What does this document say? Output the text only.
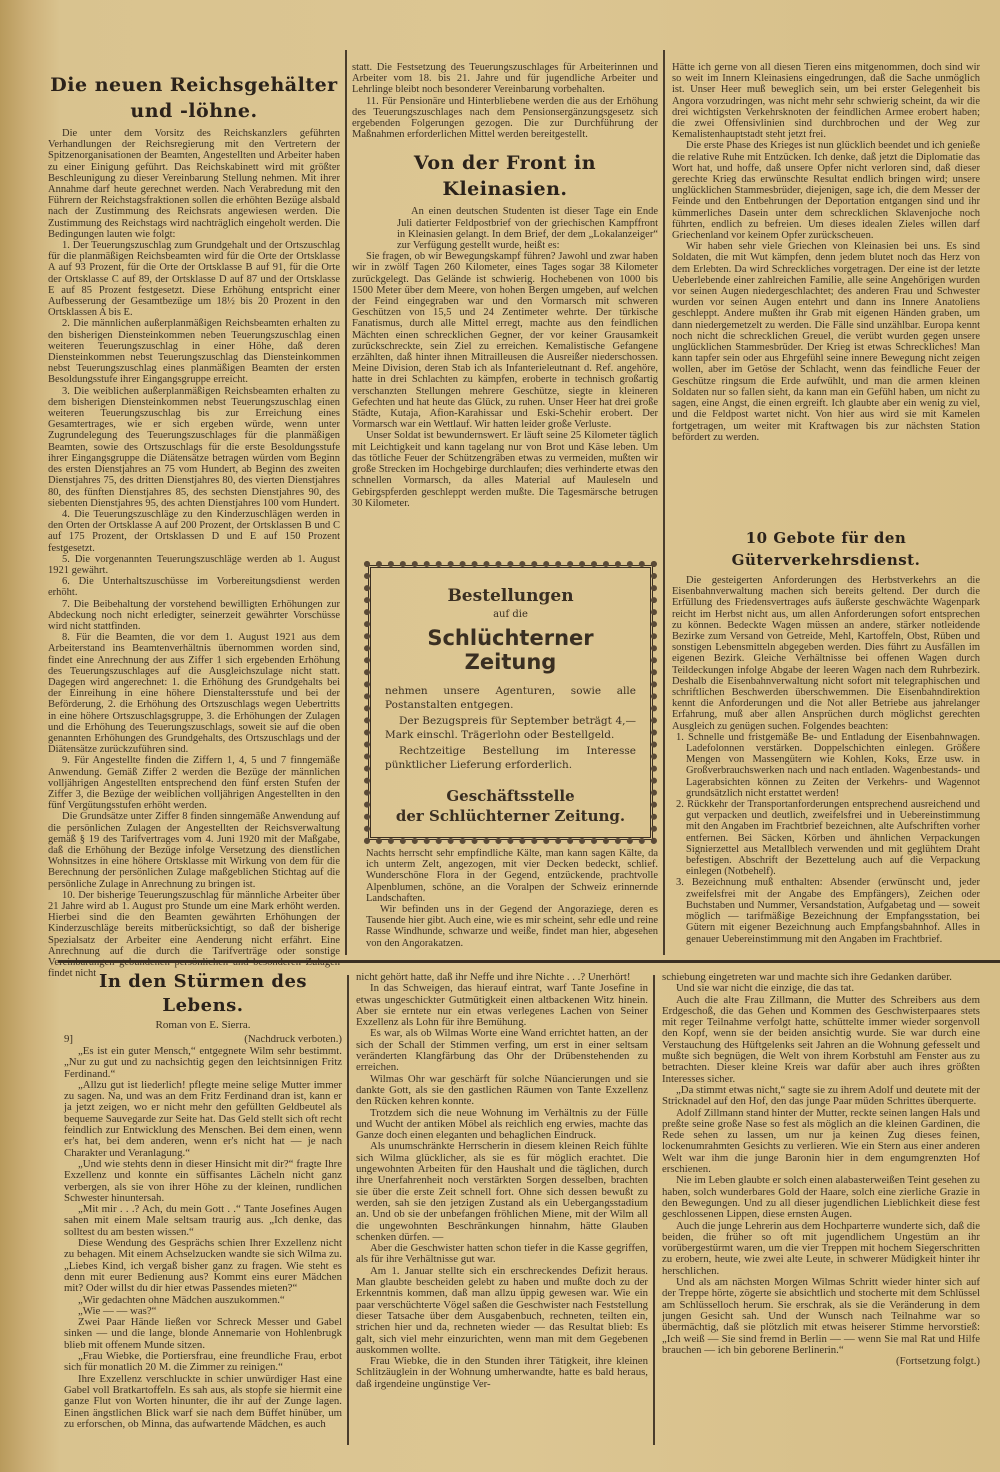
Die neuen Reichsgehälter und -löhne.

Die unter dem Vorsitz des Reichskanzlers geführten Verhandlungen der Reichsregierung mit den Vertretern der Spitzenorganisationen der Beamten, Angestellten und Arbeiter haben zu einer Einigung geführt. Das Reichskabinett wird mit größter Beschleunigung zu dieser Vereinbarung Stellung nehmen. Mit ihrer Annahme darf heute gerechnet werden. Nach Verabredung mit den Führern der Reichstagsfraktionen sollen die erhöhten Bezüge alsbald nach der Zustimmung des Reichsrats angewiesen werden. Die Zustimmung des Reichstags wird nachträglich eingeholt werden. Die Bedingungen lauten wie folgt:

1. Der Teuerungszuschlag zum Grundgehalt und der Ortszuschlag für die planmäßigen Reichsbeamten wird für die Orte der Ortsklasse A auf 93 Prozent, für die Orte der Ortsklasse B auf 91, für die Orte der Ortsklasse C auf 89, der Ortsklasse D auf 87 und der Ortsklasse E auf 85 Prozent festgesetzt. Diese Erhöhung entspricht einer Aufbesserung der Gesamtbezüge um 18½ bis 20 Prozent in den Ortsklassen A bis E.

2. Die männlichen außerplanmäßigen Reichsbeamten erhalten zu den bisherigen Diensteinkommen neben Teuerungszuschlag einen weiteren Teuerungszuschlag in einer Höhe, daß deren Diensteinkommen nebst Teuerungszuschlag das Diensteinkommen nebst Teuerungszuschlag eines planmäßigen Beamten der ersten Besoldungsstufe ihrer Eingangsgruppe erreicht.

3. Die weiblichen außerplanmäßigen Reichsbeamten erhalten zu dem bisherigen Diensteinkommen nebst Teuerungszuschlag einen weiteren Teuerungszuschlag bis zur Erreichung eines Gesamtertrages, wie er sich ergeben würde, wenn unter Zugrundelegung des Teuerungszuschlages für die planmäßigen Beamten, sowie des Ortszuschlags für die erste Besoldungsstufe ihrer Eingangsgruppe die Diätensätze betragen würden vom Beginn des ersten Dienstjahres an 75 vom Hundert, ab Beginn des zweiten Dienstjahres 75, des dritten Dienstjahres 80, des vierten Dienstjahres 80, des fünften Dienstjahres 85, des sechsten Dienstjahres 90, des siebenten Dienstjahres 95, des achten Dienstjahres 100 vom Hundert.

4. Die Teuerungszuschläge zu den Kinderzuschlägen werden in den Orten der Ortsklasse A auf 200 Prozent, der Ortsklassen B und C auf 175 Prozent, der Ortsklassen D und E auf 150 Prozent festgesetzt.

5. Die vorgenannten Teuerungszuschläge werden ab 1. August 1921 gewährt.

6. Die Unterhaltszuschüsse im Vorbereitungsdienst werden erhöht.

7. Die Beibehaltung der vorstehend bewilligten Erhöhungen zur Abdeckung noch nicht erledigter, seinerzeit gewährter Vorschüsse wird nicht stattfinden.

8. Für die Beamten, die vor dem 1. August 1921 aus dem Arbeiterstand ins Beamtenverhältnis übernommen worden sind, findet eine Anrechnung der aus Ziffer 1 sich ergebenden Erhöhung des Teuerungszuschlages auf die Ausgleichszulage nicht statt. Dagegen wird angerechnet: 1. die Erhöhung des Grundgehalts bei der Einreihung in eine höhere Dienstaltersstufe und bei der Beförderung, 2. die Erhöhung des Ortszuschlags wegen Uebertritts in eine höhere Ortszuschlagsgruppe, 3. die Erhöhungen der Zulagen und die Erhöhung des Teuerungszuschlags, soweit sie auf die oben genannten Erhöhungen des Grundgehalts, des Ortszuschlags und der Diätensätze zurückzuführen sind.

9. Für Angestellte finden die Ziffern 1, 4, 5 und 7 finngemäße Anwendung. Gemäß Ziffer 2 werden die Bezüge der männlichen volljährigen Angestellten entsprechend den fünf ersten Stufen der Ziffer 3, die Bezüge der weiblichen volljährigen Angestellten in den fünf Vergütungsstufen erhöht werden.

Die Grundsätze unter Ziffer 8 finden sinngemäße Anwendung auf die persönlichen Zulagen der Angestellten der Reichsverwaltung gemäß § 19 des Tarifvertrages vom 4. Juni 1920 mit der Maßgabe, daß die Erhöhung der Bezüge infolge Versetzung des dienstlichen Wohnsitzes in eine höhere Ortsklasse mit Wirkung von dem für die Berechnung der persönlichen Zulage maßgeblichen Stichtag auf die persönliche Zulage in Anrechnung zu bringen ist.

10. Der bisherige Teuerungszuschlag für männliche Arbeiter über 21 Jahre wird ab 1. August pro Stunde um eine Mark erhöht werden. Hierbei sind die den Beamten gewährten Erhöhungen der Kinderzuschläge bereits mitberücksichtigt, so daß der bisherige Spezialsatz der Arbeiter eine Aenderung nicht erfährt. Eine Anrechnung auf die durch die Tarifverträge oder sonstige Vereinbarungen gebundenen persönlichen und besonderen Zulagen findet nicht

statt. Die Festsetzung des Teuerungszuschlages für Arbeiterinnen und Arbeiter vom 18. bis 21. Jahre und für jugendliche Arbeiter und Lehrlinge bleibt noch besonderer Vereinbarung vorbehalten.

11. Für Pensionäre und Hinterbliebene werden die aus der Erhöhung des Teuerungszuschlages nach dem Pensionsergänzungsgesetz sich ergebenden Folgerungen gezogen. Die zur Durchführung der Maßnahmen erforderlichen Mittel werden bereitgestellt.

Von der Front in Kleinasien.

An einen deutschen Studenten ist dieser Tage ein Ende Juli datierter Feldpostbrief von der griechischen Kampffront in Kleinasien gelangt. In dem Brief, der dem „Lokalanzeiger“ zur Verfügung gestellt wurde, heißt es:

Sie fragen, ob wir Bewegungskampf führen? Jawohl und zwar haben wir in zwölf Tagen 260 Kilometer, eines Tages sogar 38 Kilometer zurückgelegt. Das Gelände ist schwierig. Hochebenen von 1000 bis 1500 Meter über dem Meere, von hohen Bergen umgeben, auf welchen der Feind eingegraben war und den Vormarsch mit schweren Geschützen von 15,5 und 24 Zentimeter wehrte. Der türkische Fanatismus, durch alle Mittel erregt, machte aus den feindlichen Mächten einen schrecklichen Gegner, der vor keiner Grausamkeit zurückschreckte, sein Ziel zu erreichen. Kemalistische Gefangene erzählten, daß hinter ihnen Mitrailleusen die Ausreißer niederschossen. Meine Division, deren Stab ich als Infanterieleutnant d. Ref. angehöre, hatte in drei Schlachten zu kämpfen, eroberte in technisch großartig verschanzten Stellungen mehrere Geschütze, siegte in kleineren Gefechten und hat heute das Glück, zu ruhen. Unser Heer hat drei große Städte, Kutaja, Afion-Karahissar und Eski-Schehir erobert. Der Vormarsch war ein Wettlauf. Wir hatten leider große Verluste.

Unser Soldat ist bewundernswert. Er läuft seine 25 Kilometer täglich mit Leichtigkeit und kann tagelang nur von Brot und Käse leben. Um das tötliche Feuer der Schützengräben etwas zu vermeiden, mußten wir große Strecken im Hochgebirge durchlaufen; dies verhinderte etwas den schnellen Vormarsch, da alles Material auf Mauleseln und Gebirgspferden geschleppt werden mußte. Die Tagesmärsche betrugen 30 Kilometer.

Bestellungen
auf die
Schlüchterner Zeitung

nehmen unsere Agenturen, sowie alle Postanstalten entgegen.

Der Bezugspreis für September beträgt 4,— Mark einschl. Trägerlohn oder Bestellgeld.

Rechtzeitige Bestellung im Interesse pünktlicher Lieferung erforderlich.

Geschäftsstelle
der Schlüchterner Zeitung.

Nachts herrscht sehr empfindliche Kälte, man kann sagen Kälte, da ich unterm Zelt, angezogen, mit vier Decken bedeckt, schlief. Wunderschöne Flora in der Gegend, entzückende, prachtvolle Alpenblumen, schöne, an die Voralpen der Schweiz erinnernde Landschaften.

Wir befinden uns in der Gegend der Angoraziege, deren es Tausende hier gibt. Auch eine, wie es mir scheint, sehr edle und reine Rasse Windhunde, schwarze und weiße, findet man hier, abgesehen von den Angorakatzen.

Hätte ich gerne von all diesen Tieren eins mitgenommen, doch sind wir so weit im Innern Kleinasiens eingedrungen, daß die Sache unmöglich ist. Unser Heer muß beweglich sein, um bei erster Gelegenheit bis Angora vorzudringen, was nicht mehr sehr schwierig scheint, da wir die drei wichtigsten Verkehrsknoten der feindlichen Armee erobert haben; die zwei Offensivlinien sind durchbrochen und der Weg zur Kemalistenhauptstadt steht jetzt frei.

Die erste Phase des Krieges ist nun glücklich beendet und ich genieße die relative Ruhe mit Entzücken. Ich denke, daß jetzt die Diplomatie das Wort hat, und hoffe, daß unsere Opfer nicht verloren sind, daß dieser gerechte Krieg das erwünschte Resultat endlich bringen wird; unsere unglücklichen Stammesbrüder, diejenigen, sage ich, die dem Messer der Feinde und den Entbehrungen der Deportation entgangen sind und ihr kümmerliches Dasein unter dem schrecklichen Sklavenjoche noch führten, endlich zu befreien. Um dieses idealen Zieles willen darf Griechenland vor keinem Opfer zurückscheuen.

Wir haben sehr viele Griechen von Kleinasien bei uns. Es sind Soldaten, die mit Wut kämpfen, denn jedem blutet noch das Herz von dem Erlebten. Da wird Schreckliches vorgetragen. Der eine ist der letzte Ueberlebende einer zahlreichen Familie, alle seine Angehörigen wurden vor seinen Augen niedergeschlachtet; des anderen Frau und Schwester wurden vor seinen Augen entehrt und dann ins Innere Anatoliens geschleppt. Andere mußten ihr Grab mit eigenen Händen graben, um dann niedergemetzelt zu werden. Die Fälle sind unzählbar. Europa kennt noch nicht die schrecklichen Greuel, die verübt wurden gegen unsere unglücklichen Stammesbrüder. Der Krieg ist etwas Schreckliches! Man kann tapfer sein oder aus Ehrgefühl seine innere Bewegung nicht zeigen wollen, aber im Getöse der Schlacht, wenn das feindliche Feuer der Geschütze ringsum die Erde aufwühlt, und man die armen kleinen Soldaten nur so fallen sieht, da kann man ein Gefühl haben, um nicht zu sagen, eine Angst, die einen ergreift. Ich glaubte aber ein wenig zu viel, und die Feldpost wartet nicht. Von hier aus wird sie mit Kamelen fortgetragen, um weiter mit Kraftwagen bis zur nächsten Station befördert zu werden.

10 Gebote für den Güterverkehrsdienst.

Die gesteigerten Anforderungen des Herbstverkehrs an die Eisenbahnverwaltung machen sich bereits geltend. Der durch die Erfüllung des Friedensvertrages aufs äußerste geschwächte Wagenpark reicht im Herbst nicht aus, um allen Anforderungen sofort entsprechen zu können. Bedeckte Wagen müssen an andere, stärker notleidende Bezirke zum Versand von Getreide, Mehl, Kartoffeln, Obst, Rüben und sonstigen Lebensmitteln abgegeben werden. Dies führt zu Ausfällen im eigenen Bezirk. Gleiche Verhältnisse bei offenen Wagen durch Teildeckungen infolge Abgabe der leeren Wagen nach dem Ruhrbezirk. Deshalb die Eisenbahnverwaltung nicht sofort mit telegraphischen und schriftlichen Beschwerden überschwemmen. Die Eisenbahndirektion kennt die Anforderungen und die Not aller Betriebe aus jahrelanger Erfahrung, muß aber allen Ansprüchen durch möglichst gerechten Ausgleich zu genügen suchen. Folgendes beachten:

1. Schnelle und fristgemäße Be- und Entladung der Eisenbahnwagen. Ladefolonnen verstärken. Doppelschichten einlegen. Größere Mengen von Massengütern wie Kohlen, Koks, Erze usw. in Großverbrauchswerken nach und nach entladen. Wagenbestands- und Lagerabsichten können zu Zeiten der Verkehrs- und Wagennot grundsätzlich nicht erstattet werden!

2. Rückkehr der Transportanforderungen entsprechend ausreichend und gut verpacken und deutlich, zweifelsfrei und in Uebereinstimmung mit den Angaben im Frachtbrief bezeichnen, alte Aufschriften vorher entfernen. Bei Säcken, Körben und ähnlichen Verpackungen Signierzettel aus Metallblech verwenden und mit geglühtem Draht befestigen. Abschrift der Bezettelung auch auf die Verpackung einlegen (Notbehelf).

3. Bezeichnung muß enthalten: Absender (erwünscht und, jeder zweifelsfrei mit der Angabe des Empfängers), Zeichen oder Buchstaben und Nummer, Versandstation, Aufgabetag und — soweit möglich — tarifmäßige Bezeichnung der Empfangsstation, bei Gütern mit eigener Bezeichnung auch Empfangsbahnhof. Alles in genauer Uebereinstimmung mit den Angaben im Frachtbrief.

In den Stürmen des Lebens.
Roman von E. Sierra.
9]	(Nachdruck verboten.)

„Es ist ein guter Mensch,“ entgegnete Wilm sehr bestimmt. „Nur zu gut und zu nachsichtig gegen den leichtsinnigen Fritz Ferdinand.“

„Allzu gut ist liederlich! pflegte meine selige Mutter immer zu sagen. Na, und was an dem Fritz Ferdinand dran ist, kann er ja jetzt zeigen, wo er nicht mehr den gefüllten Geldbeutel als bequeme Sauvegarde zur Seite hat. Das Geld stellt sich oft recht feindlich zur Entwicklung des Menschen. Bei dem einen, wenn er's hat, bei dem anderen, wenn er's nicht hat — je nach Charakter und Veranlagung.“

„Und wie stehts denn in dieser Hinsicht mit dir?“ fragte Ihre Exzellenz und konnte ein süffisantes Lächeln nicht ganz verbergen, als sie von ihrer Höhe zu der kleinen, rundlichen Schwester hinuntersah.

„Mit mir . . .? Ach, du mein Gott . .“ Tante Josefines Augen sahen mit einem Male seltsam traurig aus. „Ich denke, das solltest du am besten wissen.“

Diese Wendung des Gesprächs schien Ihrer Exzellenz nicht zu behagen. Mit einem Achselzucken wandte sie sich Wilma zu. „Liebes Kind, ich vergaß bisher ganz zu fragen. Wie steht es denn mit eurer Bedienung aus? Kommt eins eurer Mädchen mit? Oder willst du dir hier etwas Passendes mieten?“

„Wir gedachten ohne Mädchen auszukommen.“

„Wie — — was?“

Zwei Paar Hände ließen vor Schreck Messer und Gabel sinken — und die lange, blonde Annemarie von Hohlenbrugk blieb mit offenem Munde sitzen.

„Frau Wiebke, die Portiersfrau, eine freundliche Frau, erbot sich für monatlich 20 M. die Zimmer zu reinigen.“

Ihre Exzellenz verschluckte in schier unwürdiger Hast eine Gabel voll Bratkartoffeln. Es sah aus, als stopfe sie hiermit eine ganze Flut von Worten hinunter, die ihr auf der Zunge lagen. Einen ängstlichen Blick warf sie nach dem Büffet hinüber, um zu erforschen, ob Minna, das aufwartende Mädchen, es auch

nicht gehört hatte, daß ihr Neffe und ihre Nichte . . .? Unerhört!

In das Schweigen, das hierauf eintrat, warf Tante Josefine in etwas ungeschickter Gutmütigkeit einen altbackenen Witz hinein. Aber sie erntete nur ein etwas verlegenes Lachen von Seiner Exzellenz als Lohn für ihre Bemühung.

Es war, als ob Wilmas Worte eine Wand errichtet hatten, an der sich der Schall der Stimmen verfing, um erst in einer seltsam veränderten Klangfärbung das Ohr der Drübenstehenden zu erreichen.

Wilmas Ohr war geschärft für solche Nüancierungen und sie dankte Gott, als sie den gastlichen Räumen von Tante Exzellenz den Rücken kehren konnte.

Trotzdem sich die neue Wohnung im Verhältnis zu der Fülle und Wucht der antiken Möbel als reichlich eng erwies, machte das Ganze doch einen eleganten und behaglichen Eindruck.

Als unumschränkte Herrscherin in diesem kleinen Reich fühlte sich Wilma glücklicher, als sie es für möglich erachtet. Die ungewohnten Arbeiten für den Haushalt und die täglichen, durch ihre Unerfahrenheit noch verstärkten Sorgen desselben, brachten sie über die erste Zeit schnell fort. Ohne sich dessen bewußt zu werden, sah sie den jetzigen Zustand als ein Uebergangsstadium an. Und ob sie der unbefangen fröhlichen Miene, mit der Wilm all die ungewohnten Beschränkungen hinnahm, hätte Glauben schenken dürfen. —

Aber die Geschwister hatten schon tiefer in die Kasse gegriffen, als für ihre Verhältnisse gut war.

Am 1. Januar stellte sich ein erschreckendes Defizit heraus. Man glaubte bescheiden gelebt zu haben und mußte doch zu der Erkenntnis kommen, daß man allzu üppig gewesen war. Wie ein paar verschüchterte Vögel saßen die Geschwister nach Feststellung dieser Tatsache über dem Ausgabenbuch, rechneten, teilten ein, strichen hier und da, rechneten wieder — das Resultat blieb: Es galt, sich viel mehr einzurichten, wenn man mit dem Gegebenen auskommen wollte.

Frau Wiebke, die in den Stunden ihrer Tätigkeit, ihre kleinen Schlitzäuglein in der Wohnung umherwandte, hatte es bald heraus, daß irgendeine ungünstige Ver-

schiebung eingetreten war und machte sich ihre Gedanken darüber.

Und sie war nicht die einzige, die das tat.

Auch die alte Frau Zillmann, die Mutter des Schreibers aus dem Erdgeschoß, die das Gehen und Kommen des Geschwisterpaares stets mit reger Teilnahme verfolgt hatte, schüttelte immer wieder sorgenvoll den Kopf, wenn sie der beiden ansichtig wurde. Sie war durch eine Verstauchung des Hüftgelenks seit Jahren an die Wohnung gefesselt und mußte sich begnügen, die Welt von ihrem Korbstuhl am Fenster aus zu betrachten. Dieser kleine Kreis war dafür aber auch ihres größten Interesses sicher.

„Da stimmt etwas nicht,“ sagte sie zu ihrem Adolf und deutete mit der Stricknadel auf den Hof, den das junge Paar müden Schrittes überquerte.

Adolf Zillmann stand hinter der Mutter, reckte seinen langen Hals und preßte seine große Nase so fest als möglich an die kleinen Gardinen, die Rede sehen zu lassen, um nur ja keinen Zug dieses feinen, lockenumrahmten Gesichts zu verlieren. Wie ein Stern aus einer anderen Welt war ihm die junge Baronin hier in dem engumgrenzten Hof erschienen.

Nie im Leben glaubte er solch einen alabasterweißen Teint gesehen zu haben, solch wunderbares Gold der Haare, solch eine zierliche Grazie in den Bewegungen. Und zu all dieser jugendlichen Lieblichkeit diese fest geschlossenen Lippen, diese ernsten Augen.

Auch die junge Lehrerin aus dem Hochparterre wunderte sich, daß die beiden, die früher so oft mit jugendlichem Ungestüm an ihr vorübergestürmt waren, um die vier Treppen mit hochem Siegerschritten zu erobern, heute, wie zwei alte Leute, in schwerer Müdigkeit hinter ihr herschlichen.

Und als am nächsten Morgen Wilmas Schritt wieder hinter sich auf der Treppe hörte, zögerte sie absichtlich und stocherte mit dem Schlüssel am Schlüsselloch herum. Sie erschrak, als sie die Veränderung in dem jungen Gesicht sah. Und der Wunsch nach Teilnahme war so übermächtig, daß sie plötzlich mit etwas heiserer Stimme hervorstieß: „Ich weiß — Sie sind fremd in Berlin — — wenn Sie mal Rat und Hilfe brauchen — ich bin geborene Berlinerin.“

(Fortsetzung folgt.)
